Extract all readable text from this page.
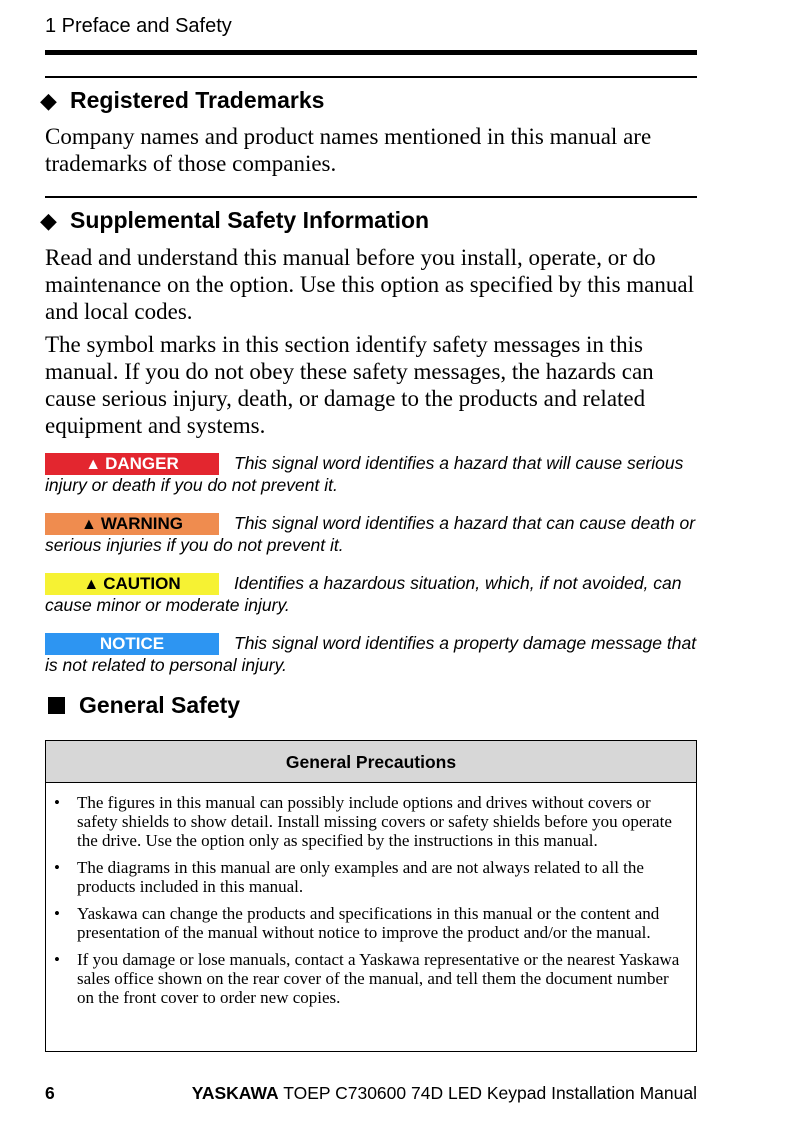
1 Preface and Safety
◆ Registered Trademarks
Company names and product names mentioned in this manual are trademarks of those companies.
◆ Supplemental Safety Information
Read and understand this manual before you install, operate, or do maintenance on the option. Use this option as specified by this manual and local codes.
The symbol marks in this section identify safety messages in this manual. If you do not obey these safety messages, the hazards can cause serious injury, death, or damage to the products and related equipment and systems.
▲ DANGER	This signal word identifies a hazard that will cause serious injury or death if you do not prevent it.
▲ WARNING	This signal word identifies a hazard that can cause death or serious injuries if you do not prevent it.
▲ CAUTION	Identifies a hazardous situation, which, if not avoided, can cause minor or moderate injury.
NOTICE	This signal word identifies a property damage message that is not related to personal injury.
General Safety
General Precautions
• The figures in this manual can possibly include options and drives without covers or safety shields to show detail. Install missing covers or safety shields before you operate the drive. Use the option only as specified by the instructions in this manual.
• The diagrams in this manual are only examples and are not always related to all the products included in this manual.
• Yaskawa can change the products and specifications in this manual or the content and presentation of the manual without notice to improve the product and/or the manual.
• If you damage or lose manuals, contact a Yaskawa representative or the nearest Yaskawa sales office shown on the rear cover of the manual, and tell them the document number on the front cover to order new copies.
6	YASKAWA TOEP C730600 74D LED Keypad Installation Manual
